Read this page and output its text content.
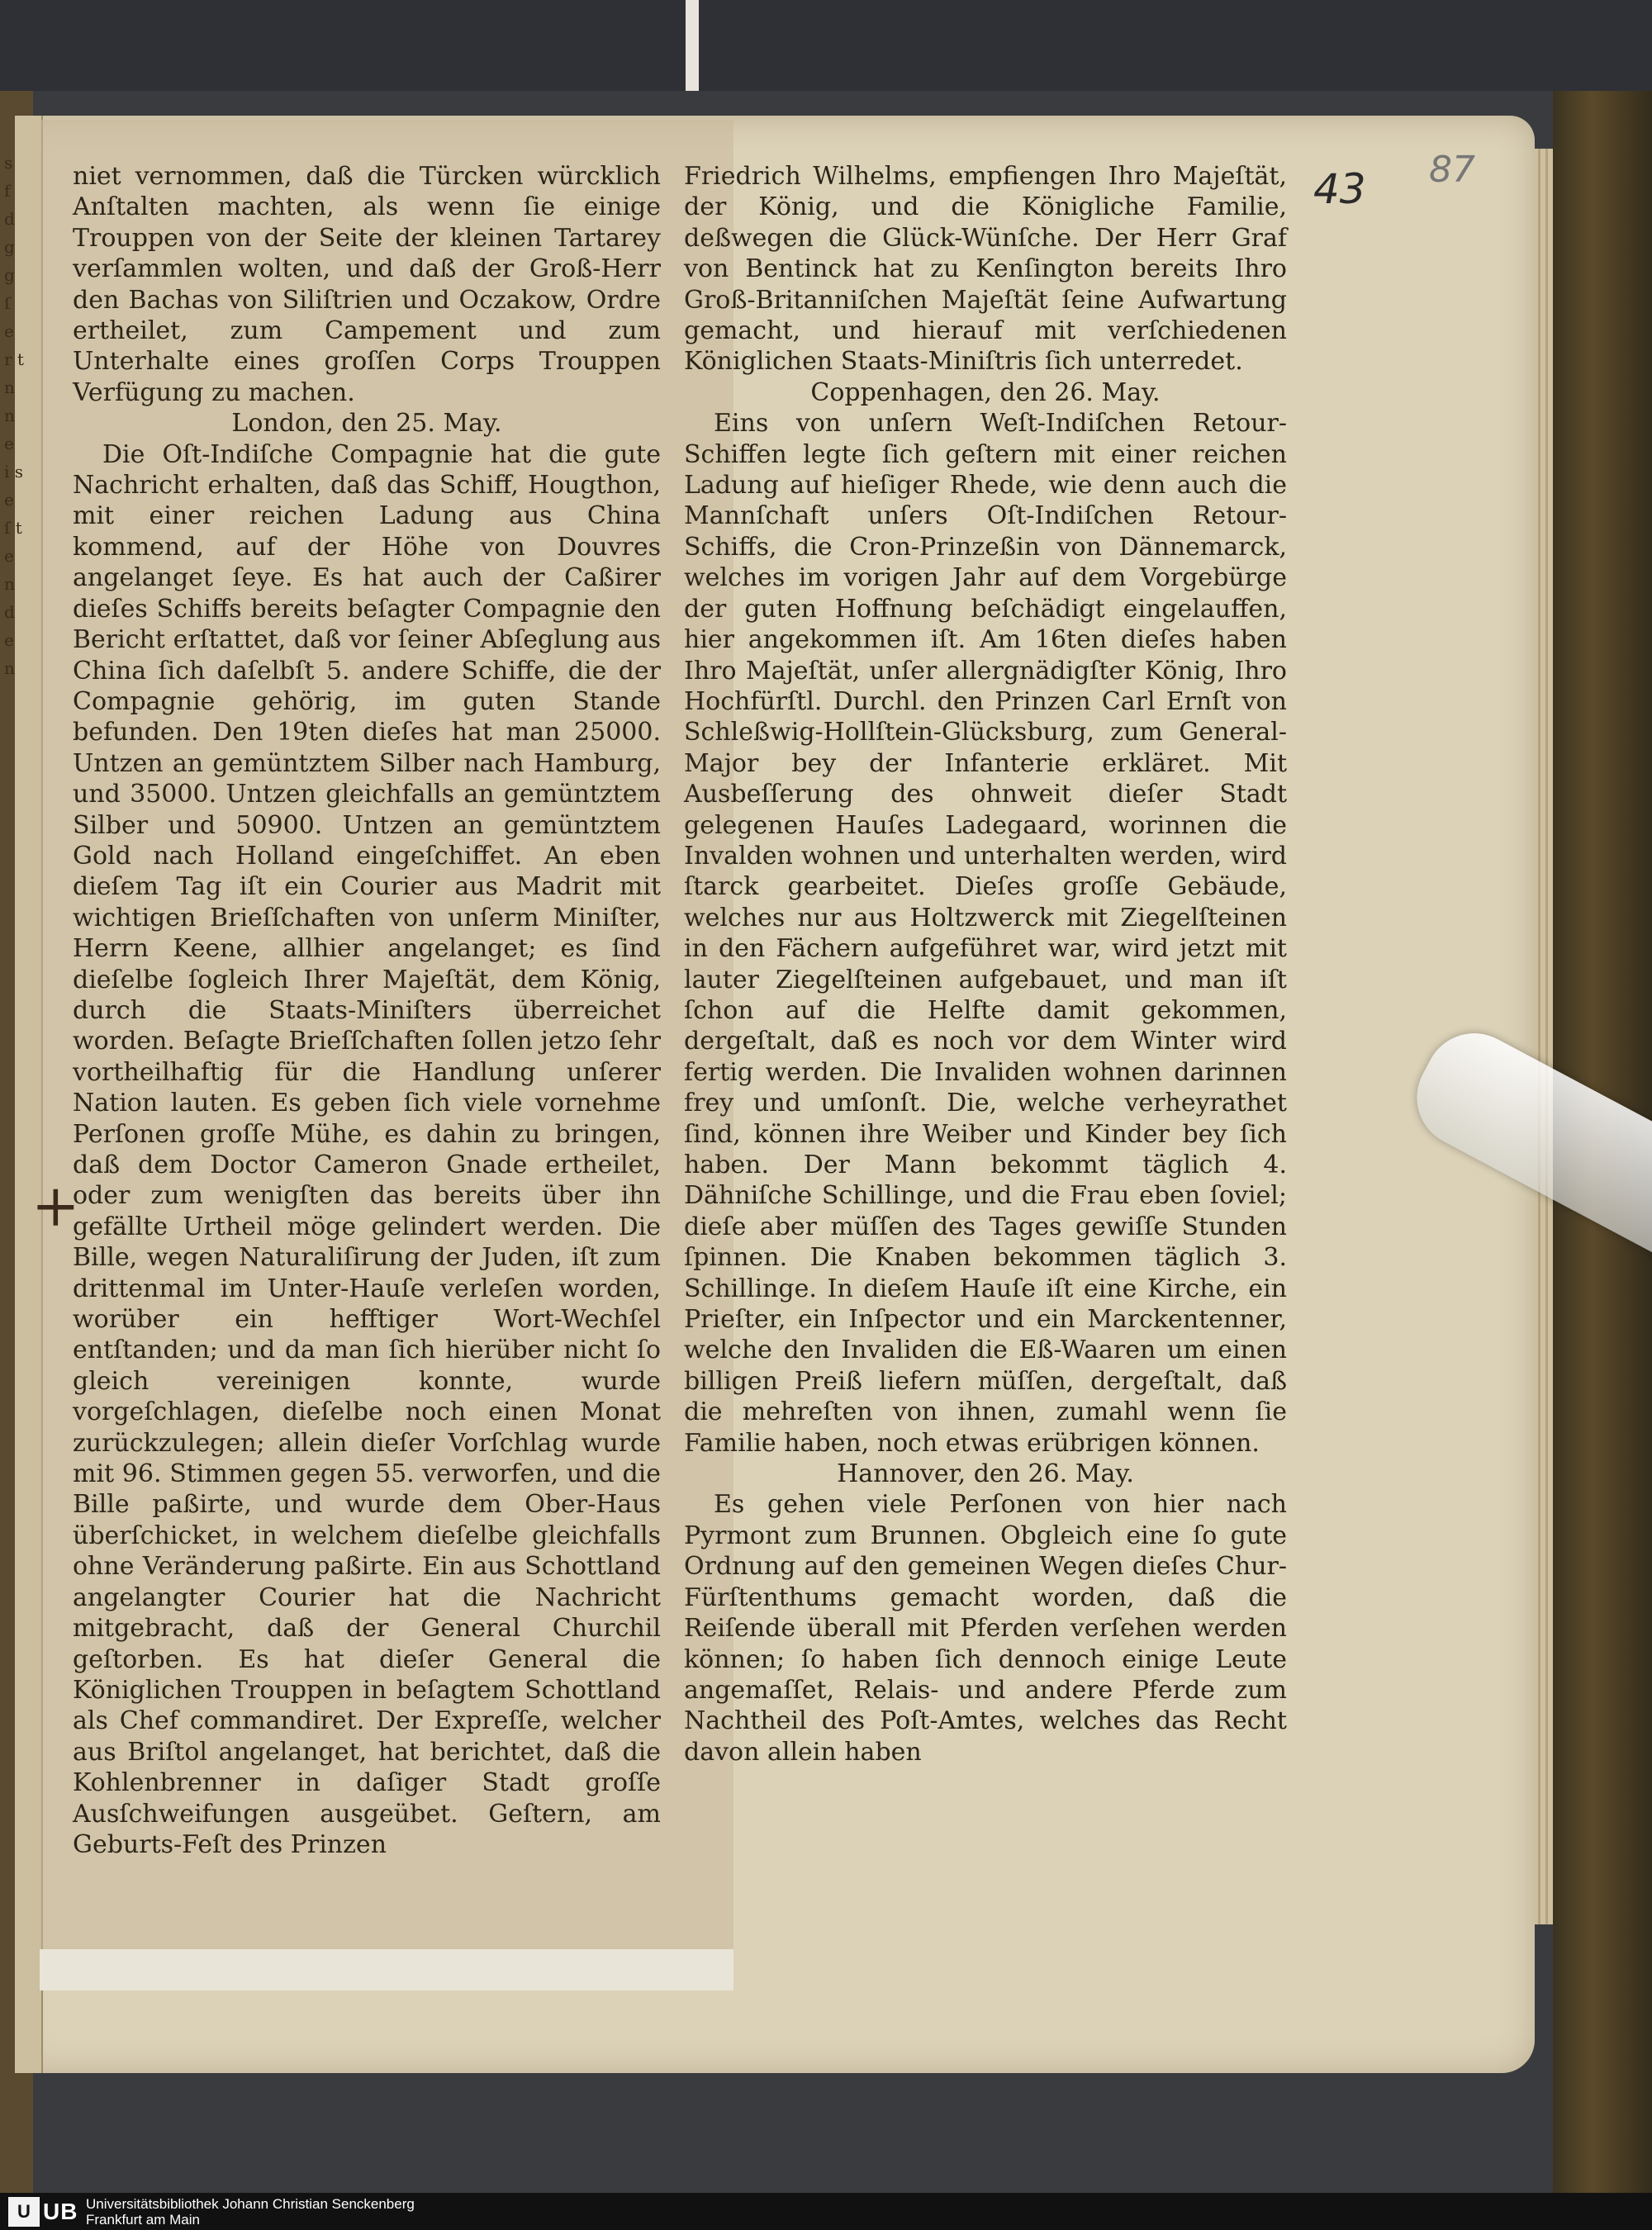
s f d g g ſ e r t n n e i s e ſ t e n d e n
43 87
+

niet vernommen, daß die Türcken würcklich Anſtalten machten, als wenn ſie einige Trouppen von der Seite der kleinen Tartarey verſammlen wolten, und daß der Groß-Herr den Bachas von Siliſtrien und Oczakow, Ordre ertheilet, zum Campement und zum Unterhalte eines groſſen Corps Trouppen Verfügung zu machen.

London, den 25. May.

Die Oſt-Indiſche Compagnie hat die gute Nachricht erhalten, daß das Schiff, Hougthon, mit einer reichen Ladung aus China kommend, auf der Höhe von Douvres angelanget ſeye. Es hat auch der Caßirer dieſes Schiffs bereits beſagter Compagnie den Bericht erſtattet, daß vor ſeiner Abſeglung aus China ſich daſelbſt 5. andere Schiffe, die der Compagnie gehörig, im guten Stande befunden. Den 19ten dieſes hat man 25000. Untzen an gemüntztem Silber nach Hamburg, und 35000. Untzen gleichfalls an gemüntztem Silber und 50900. Untzen an gemüntztem Gold nach Holland eingeſchiffet. An eben dieſem Tag iſt ein Courier aus Madrit mit wichtigen Brieſſchaften von unſerm Miniſter, Herrn Keene, allhier angelanget; es ſind dieſelbe ſogleich Ihrer Majeſtät, dem König, durch die Staats-Miniſters überreichet worden. Beſagte Brieſſchaften ſollen jetzo ſehr vortheilhaftig für die Handlung unſerer Nation lauten. Es geben ſich viele vornehme Perſonen groſſe Mühe, es dahin zu bringen, daß dem Doctor Cameron Gnade ertheilet, oder zum wenigſten das bereits über ihn gefällte Urtheil möge gelindert werden. Die Bille, wegen Naturaliſirung der Juden, iſt zum drittenmal im Unter-Hauſe verleſen worden, worüber ein hefftiger Wort-Wechſel entſtanden; und da man ſich hierüber nicht ſo gleich vereinigen konnte, wurde vorgeſchlagen, dieſelbe noch einen Monat zurückzulegen; allein dieſer Vorſchlag wurde mit 96. Stimmen gegen 55. verworfen, und die Bille paßirte, und wurde dem Ober-Haus überſchicket, in welchem dieſelbe gleichfalls ohne Veränderung paßirte. Ein aus Schottland angelangter Courier hat die Nachricht mitgebracht, daß der General Churchil geſtorben. Es hat dieſer General die Königlichen Trouppen in beſagtem Schottland als Chef commandiret. Der Expreſſe, welcher aus Briſtol angelanget, hat berichtet, daß die Kohlenbrenner in daſiger Stadt groſſe Ausſchweifungen ausgeübet. Geſtern, am Geburts-Feſt des Prinzen

Friedrich Wilhelms, empfiengen Ihro Majeſtät, der König, und die Königliche Familie, deßwegen die Glück-Wünſche. Der Herr Graf von Bentinck hat zu Kenſington bereits Ihro Groß-Britanniſchen Majeſtät ſeine Aufwartung gemacht, und hierauf mit verſchiedenen Königlichen Staats-Miniſtris ſich unterredet.

Coppenhagen, den 26. May.

Eins von unſern Weſt-Indiſchen Retour-Schiffen legte ſich geſtern mit einer reichen Ladung auf hieſiger Rhede, wie denn auch die Mannſchaft unſers Oſt-Indiſchen Retour-Schiffs, die Cron-Prinzeßin von Dännemarck, welches im vorigen Jahr auf dem Vorgebürge der guten Hoffnung beſchädigt eingelauffen, hier angekommen iſt. Am 16ten dieſes haben Ihro Majeſtät, unſer allergnädigſter König, Ihro Hochfürſtl. Durchl. den Prinzen Carl Ernſt von Schleßwig-Hollſtein-Glücksburg, zum General-Major bey der Infanterie erkläret. Mit Ausbeſſerung des ohnweit dieſer Stadt gelegenen Hauſes Ladegaard, worinnen die Invalden wohnen und unterhalten werden, wird ſtarck gearbeitet. Dieſes groſſe Gebäude, welches nur aus Holtzwerck mit Ziegelſteinen in den Fächern aufgeführet war, wird jetzt mit lauter Ziegelſteinen aufgebauet, und man iſt ſchon auf die Helfte damit gekommen, dergeſtalt, daß es noch vor dem Winter wird fertig werden. Die Invaliden wohnen darinnen frey und umſonſt. Die, welche verheyrathet ſind, können ihre Weiber und Kinder bey ſich haben. Der Mann bekommt täglich 4. Dähniſche Schillinge, und die Frau eben ſoviel; dieſe aber müſſen des Tages gewiſſe Stunden ſpinnen. Die Knaben bekommen täglich 3. Schillinge. In dieſem Hauſe iſt eine Kirche, ein Prieſter, ein Inſpector und ein Marckentenner, welche den Invaliden die Eß-Waaren um einen billigen Preiß liefern müſſen, dergeſtalt, daß die mehreſten von ihnen, zumahl wenn ſie Familie haben, noch etwas erübrigen können.

Hannover, den 26. May.

Es gehen viele Perſonen von hier nach Pyrmont zum Brunnen. Obgleich eine ſo gute Ordnung auf den gemeinen Wegen dieſes Chur-Fürſtenthums gemacht worden, daß die Reiſende überall mit Pferden verſehen werden können; ſo haben ſich dennoch einige Leute angemaſſet, Relais- und andere Pferde zum Nachtheil des Poſt-Amtes, welches das Recht davon allein haben

U UB Universitätsbibliothek Johann Christian Senckenberg
Frankfurt am Main
